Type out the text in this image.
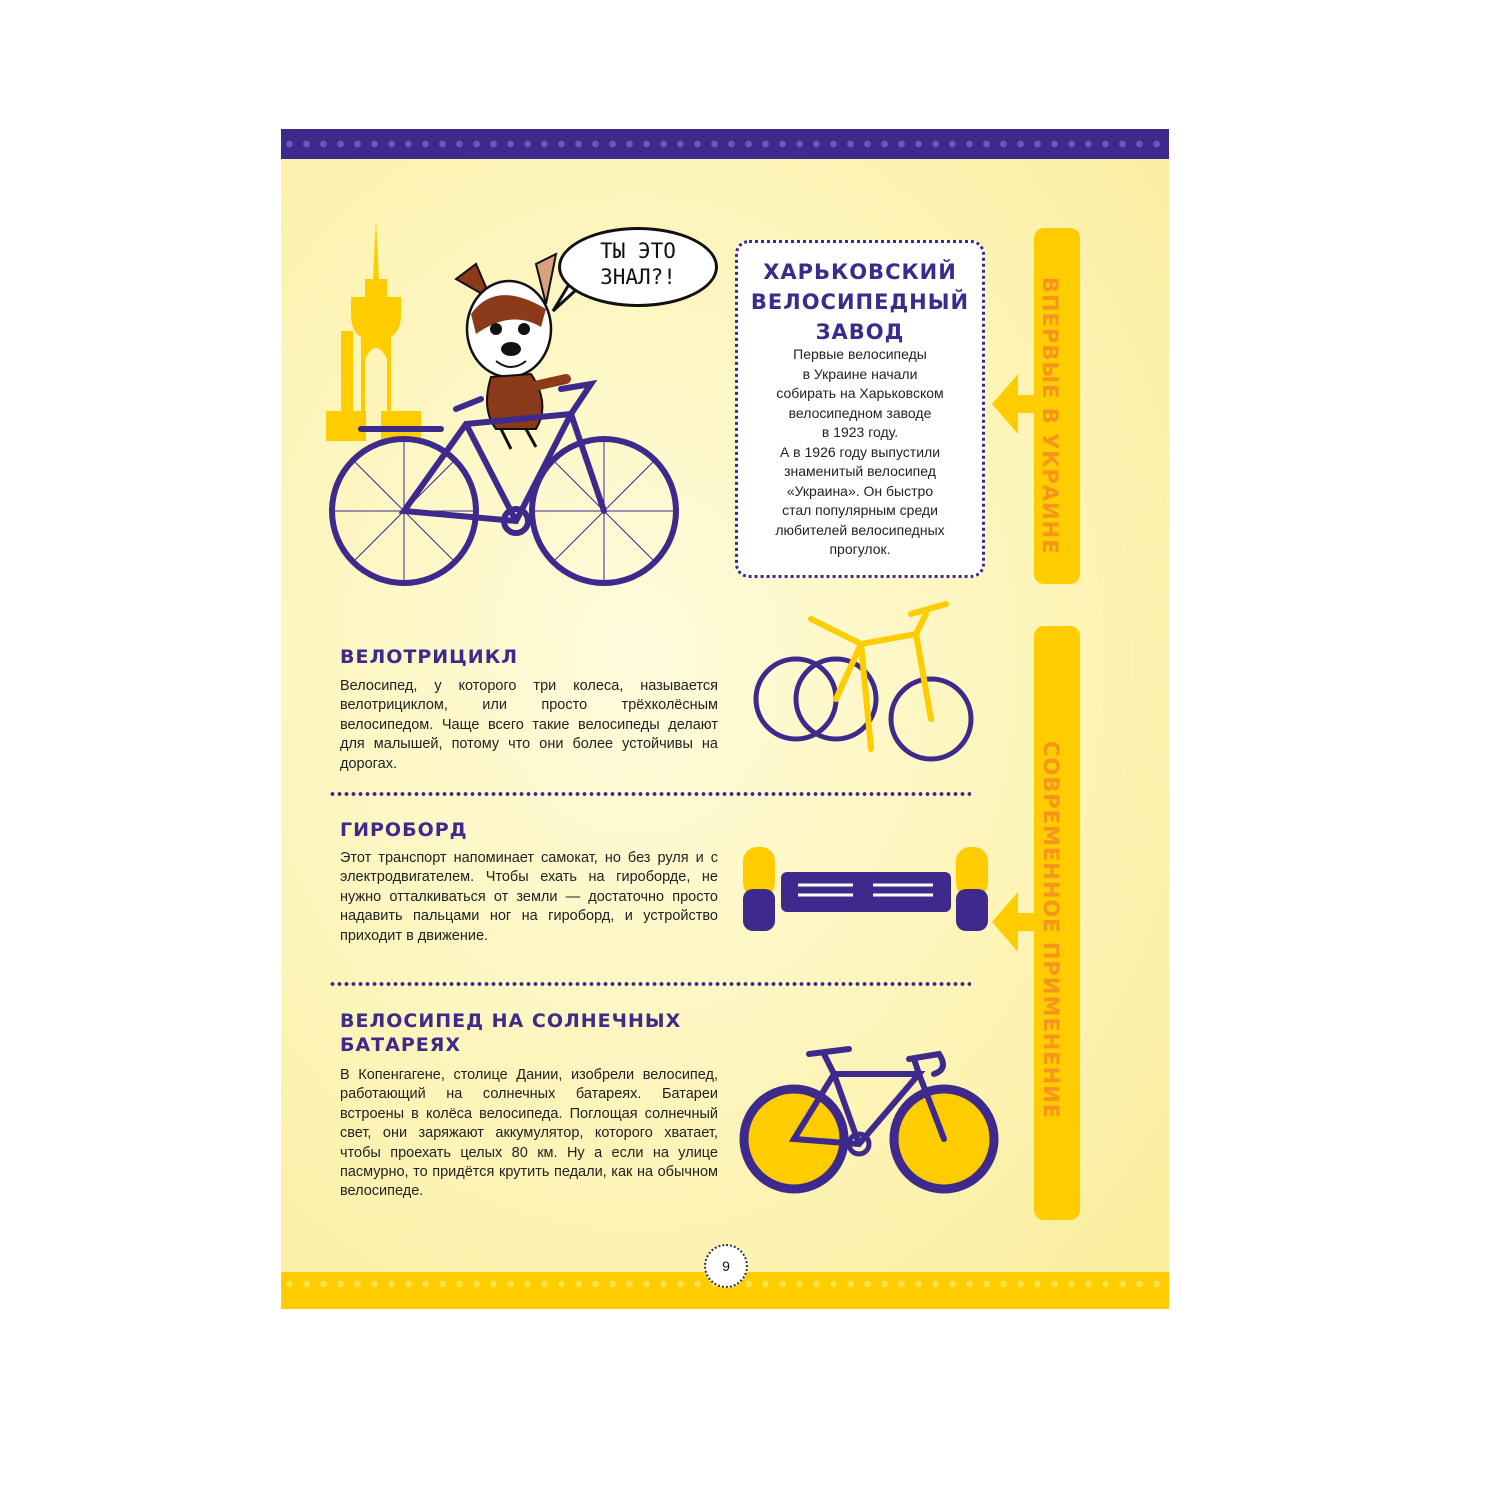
ВПЕРВЫЕ В УКРАИНЕ
СОВРЕМЕННОЕ ПРИМЕНЕНИЕ
ХАРЬКОВСКИЙ
ВЕЛОСИПЕДНЫЙ
ЗАВОД
Первые велосипеды
в Украине начали
собирать на Харьковском
велосипедном заводе
в 1923 году.
А в 1926 году выпустили
знаменитый велосипед
«Украина». Он быстро
стал популярным среди
любителей велосипедных
прогулок.
ТЫ ЭТО
ЗНАЛ?!
ВЕЛОТРИЦИКЛ
Велосипед, у которого три колеса, называется велотрициклом, или просто трёхколёсным велосипедом. Чаще всего такие велосипеды делают для малышей, потому что они более устойчивы на дорогах.
ГИРОБОРД
Этот транспорт напоминает самокат, но без руля и с электродвигателем. Чтобы ехать на гироборде, не нужно отталкиваться от земли — достаточно просто надавить пальцами ног на гироборд, и устройство приходит в движение.
ВЕЛОСИПЕД НА СОЛНЕЧНЫХ
БАТАРЕЯХ
В Копенгагене, столице Дании, изобрели велосипед, работающий на солнечных батареях. Батареи встроены в колёса велосипеда. Поглощая солнечный свет, они заряжают аккумулятор, которого хватает, чтобы проехать целых 80 км. Ну а если на улице пасмурно, то придётся крутить педали, как на обычном велосипеде.
9
